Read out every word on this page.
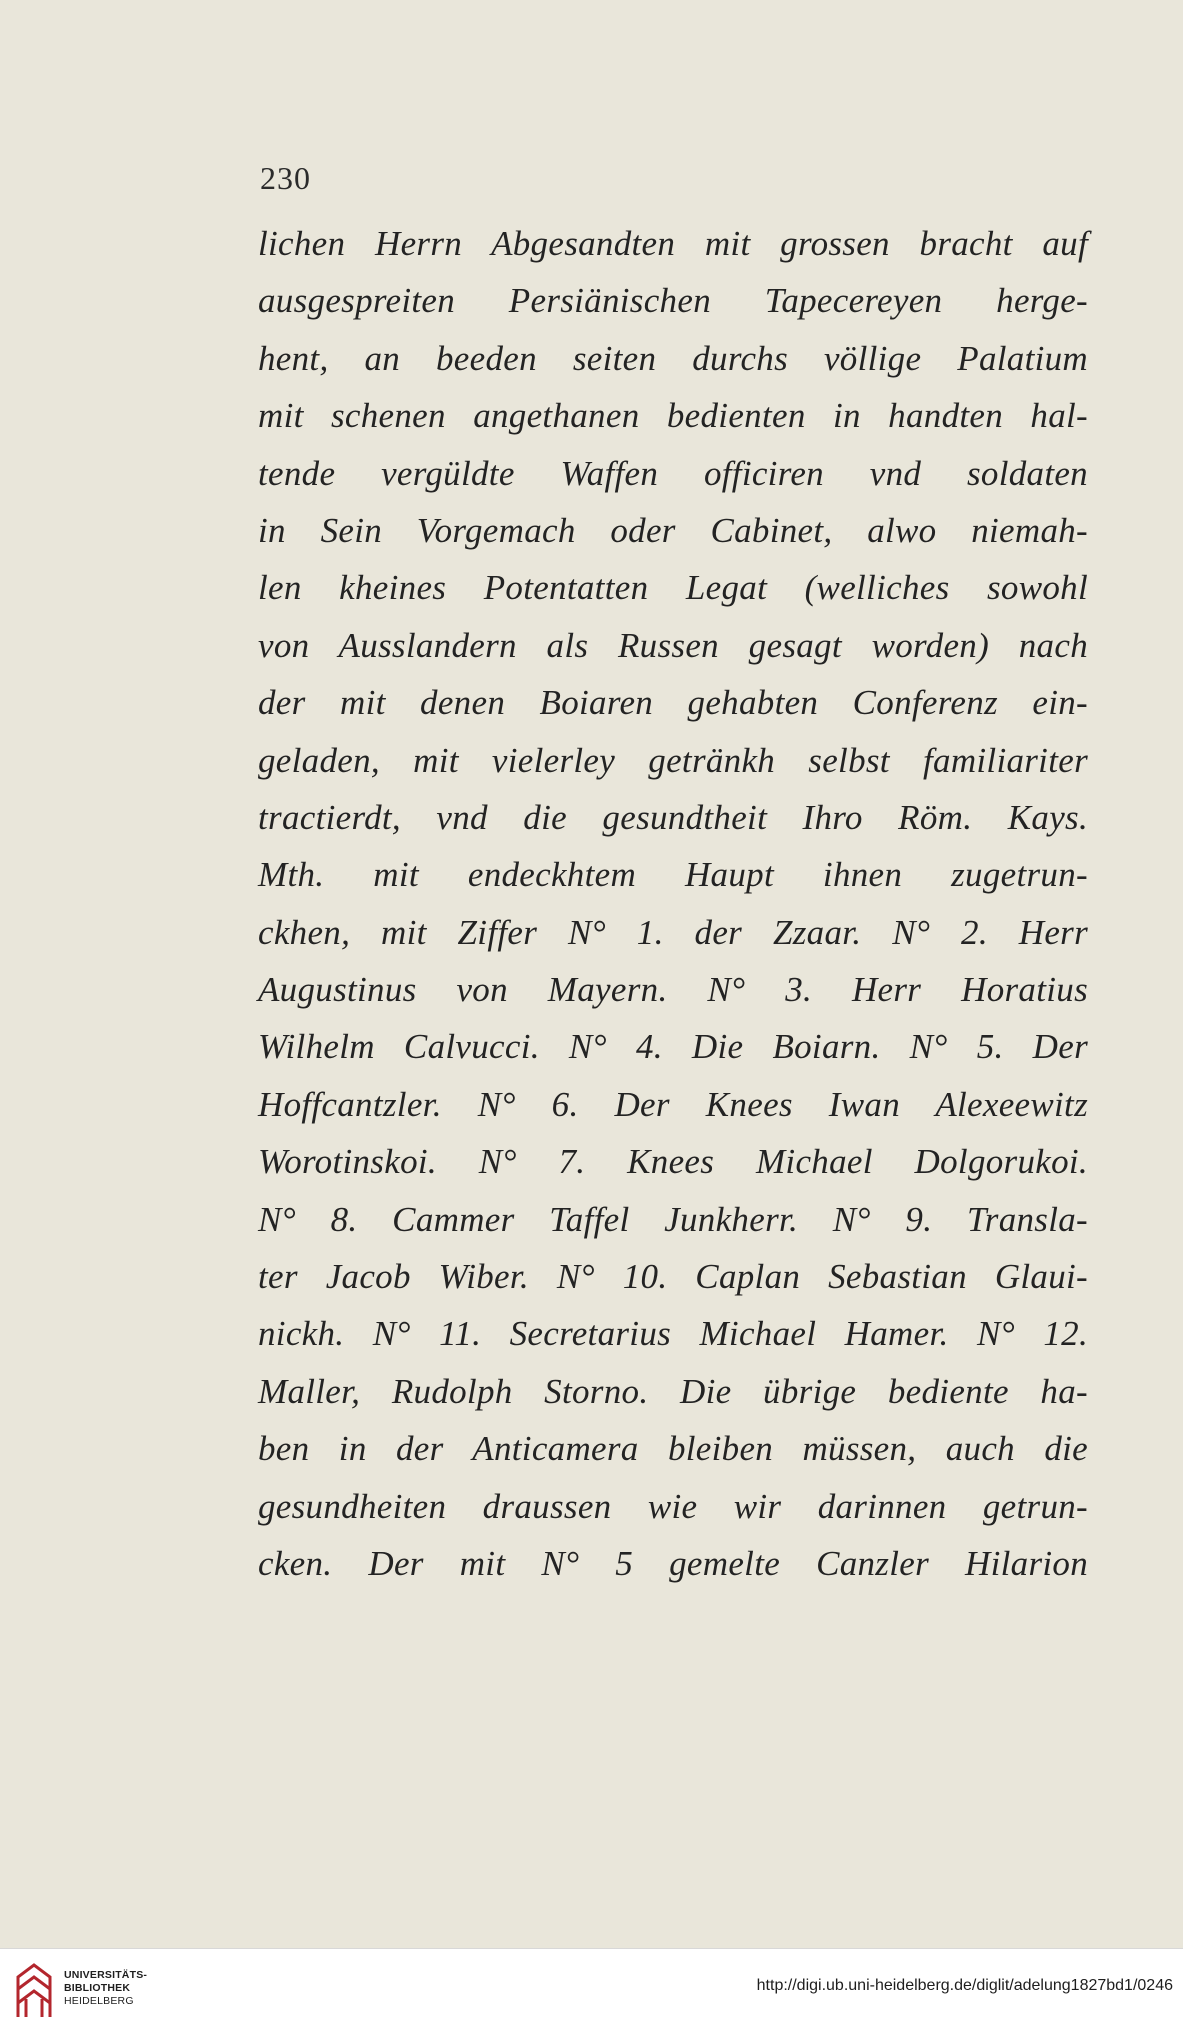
230
lichen Herrn Abgesandten mit grossen bracht auf
ausgespreiten Persiänischen Tapecereyen herge-
hent, an beeden seiten durchs völlige Palatium
mit schenen angethanen bedienten in handten hal-
tende vergüldte Waffen officiren vnd soldaten
in Sein Vorgemach oder Cabinet, alwo niemah-
len kheines Potentatten Legat (welliches sowohl
von Ausslandern als Russen gesagt worden) nach
der mit denen Boiaren gehabten Conferenz ein-
geladen, mit vielerley getränkh selbst familiariter
tractierdt, vnd die gesundtheit Ihro Röm. Kays.
Mth. mit endeckhtem Haupt ihnen zugetrun-
ckhen, mit Ziffer N° 1. der Zzaar. N° 2. Herr
Augustinus von Mayern. N° 3. Herr Horatius
Wilhelm Calvucci. N° 4. Die Boiarn. N° 5. Der
Hoffcantzler. N° 6. Der Knees Iwan Alexeewitz
Worotinskoi. N° 7. Knees Michael Dolgorukoi.
N° 8. Cammer Taffel Junkherr. N° 9. Transla-
ter Jacob Wiber. N° 10. Caplan Sebastian Glaui-
nickh. N° 11. Secretarius Michael Hamer. N° 12.
Maller, Rudolph Storno. Die übrige bediente ha-
ben in der Anticamera bleiben müssen, auch die
gesundheiten draussen wie wir darinnen getrun-
cken. Der mit N° 5 gemelte Canzler Hilarion
UNIVERSITÄTS-
BIBLIOTHEK
HEIDELBERG
http://digi.ub.uni-heidelberg.de/diglit/adelung1827bd1/0246
